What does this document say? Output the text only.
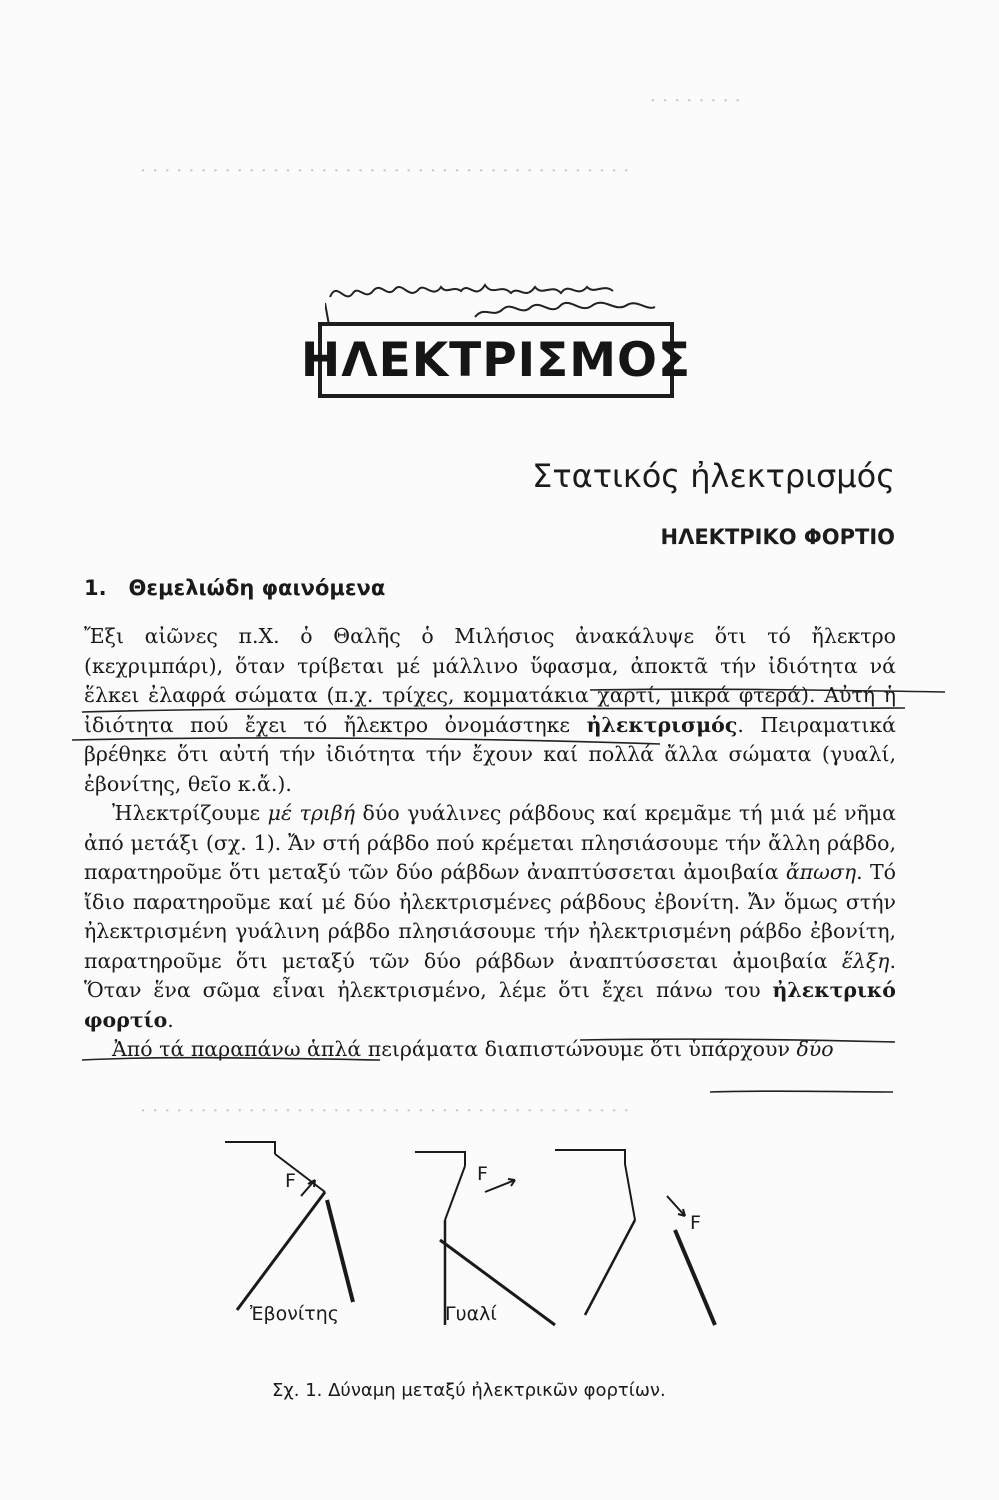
· · · · · · · ·
· · · · · · · · · · · · · · · · · · · · · · · · · · · · · · · · · · · · · · · · ·
· · · · · · · · · · · · · · · · · · · · · · · · · · · · · · · · · · · · · · · · ·
ΗΛΕΚΤΡΙΣΜΟΣ
Στατικός ἠλεκτρισμός
ΗΛΕΚΤΡΙΚΟ ΦΟΡΤΙΟ
1. Θεμελιώδη φαινόμενα

Ἔξι αἰῶνες π.Χ. ὁ Θαλῆς ὁ Μιλήσιος ἀνακάλυψε ὅτι τό ἤλεκτρο (κεχριμπάρι), ὅταν τρίβεται μέ μάλλινο ὕφασμα, ἀποκτᾶ τήν ἰδιότητα νά ἕλκει ἐλαφρά σώματα (π.χ. τρίχες, κομματάκια χαρτί, μικρά φτερά). Αὐτή ἡ ἰδιότητα πού ἔχει τό ἤλεκτρο ὀνομάστηκε ἠλεκτρισμός. Πειραματικά βρέθηκε ὅτι αὐτή τήν ἰδιότητα τήν ἔχουν καί πολλά ἄλλα σώματα (γυαλί, ἐβονίτης, θεῖο κ.ἄ.).

Ἠλεκτρίζουμε μέ τριβή δύο γυάλινες ράβδους καί κρεμᾶμε τή μιά μέ νῆμα ἀπό μετάξι (σχ. 1). Ἄν στή ράβδο πού κρέμεται πλησιάσουμε τήν ἄλλη ράβδο, παρατηροῦμε ὅτι μεταξύ τῶν δύο ράβδων ἀναπτύσσεται ἀμοιβαία ἄπωση. Τό ἴδιο παρατηροῦμε καί μέ δύο ἠλεκτρισμένες ράβδους ἐβονίτη. Ἄν ὅμως στήν ἠλεκτρισμένη γυάλινη ράβδο πλησιάσουμε τήν ἠλεκτρισμένη ράβδο ἐβονίτη, παρατηροῦμε ὅτι μεταξύ τῶν δύο ράβδων ἀναπτύσσεται ἀμοιβαία ἕλξη. Ὅταν ἕνα σῶμα εἶναι ἠλεκτρισμένο, λέμε ὅτι ἔχει πάνω του ἠλεκτρικό φορτίο.

Ἀπό τά παραπάνω ἁπλά πειράματα διαπιστώνουμε ὅτι ὑπάρχουν δύο

F
F
F
Ἐβονίτης	Γυαλί
Σχ. 1. Δύναμη μεταξύ ἠλεκτρικῶν φορτίων.
